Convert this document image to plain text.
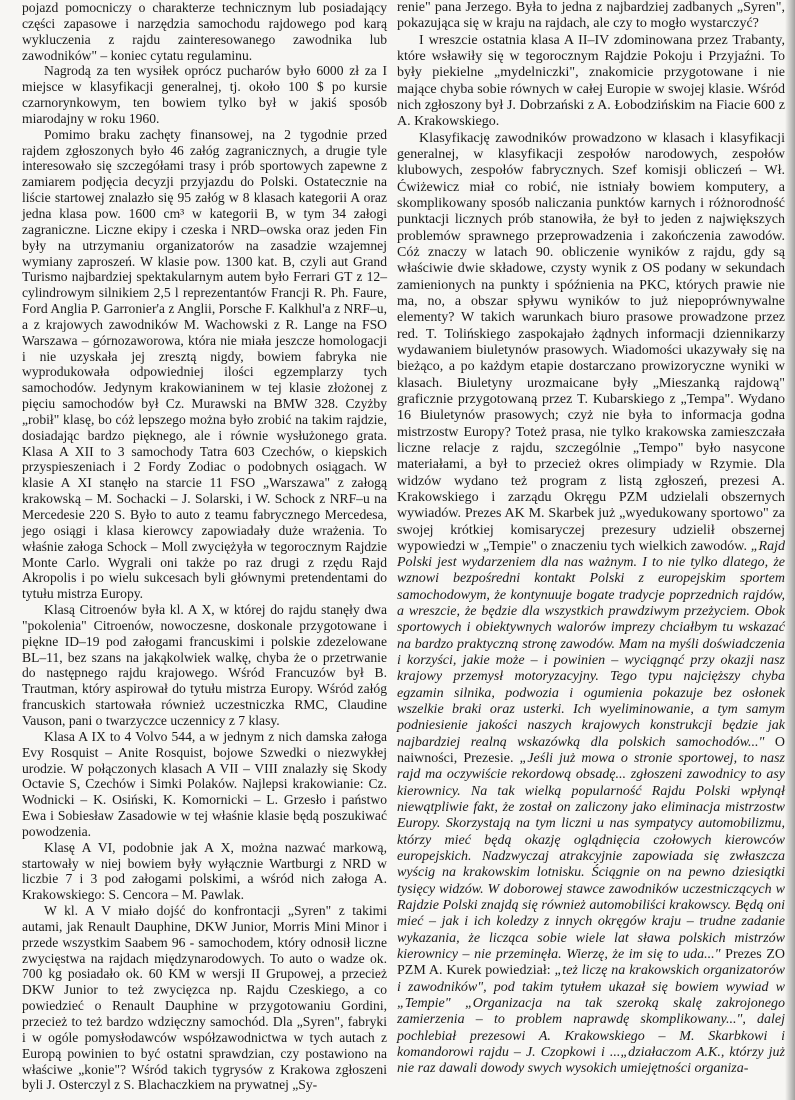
pojazd pomocniczy o charakterze technicznym lub posiadający części zapasowe i narzędzia samochodu rajdowego pod karą wykluczenia z rajdu zainteresowanego zawodnika lub zawodników" – koniec cytatu regulaminu.

Nagrodą za ten wysiłek oprócz pucharów było 6000 zł za I miejsce w klasyfikacji generalnej, tj. około 100 $ po kursie czarnorynkowym, ten bowiem tylko był w jakiś sposób miarodajny w roku 1960.

Pomimo braku zachęty finansowej, na 2 tygodnie przed rajdem zgłoszonych było 46 załóg zagranicznych, a drugie tyle interesowało się szczegółami trasy i prób sportowych zapewne z zamiarem podjęcia decyzji przyjazdu do Polski. Ostatecznie na liście startowej znalazło się 95 załóg w 8 klasach kategorii A oraz jedna klasa pow. 1600 cm³ w kategorii B, w tym 34 załogi zagraniczne. Liczne ekipy i czeska i NRD–owska oraz jeden Fin były na utrzymaniu organizatorów na zasadzie wzajemnej wymiany zaproszeń. W klasie pow. 1300 kat. B, czyli aut Grand Turismo najbardziej spektakularnym autem było Ferrari GT z 12–cylindrowym silnikiem 2,5 l reprezentantów Francji R. Ph. Faure, Ford Anglia P. Garronier'a z Anglii, Porsche F. Kalkhul'a z NRF–u, a z krajowych zawodników M. Wachowski z R. Lange na FSO Warszawa – górnozaworowa, która nie miała jeszcze homologacji i nie uzyskała jej zresztą nigdy, bowiem fabryka nie wyprodukowała odpowiedniej ilości egzemplarzy tych samochodów. Jedynym krakowianinem w tej klasie złożonej z pięciu samochodów był Cz. Murawski na BMW 328. Czyżby „robił" klasę, bo cóż lepszego można było zrobić na takim rajdzie, dosiadając bardzo pięknego, ale i równie wysłużonego grata. Klasa A XII to 3 samochody Tatra 603 Czechów, o kiepskich przyspieszeniach i 2 Fordy Zodiac o podobnych osiągach. W klasie A XI stanęło na starcie 11 FSO „Warszawa" z załogą krakowską – M. Sochacki – J. Solarski, i W. Schock z NRF–u na Mercedesie 220 S. Było to auto z teamu fabrycznego Mercedesa, jego osiągi i klasa kierowcy zapowiadały duże wrażenia. To właśnie załoga Schock – Moll zwyciężyła w tegorocznym Rajdzie Monte Carlo. Wygrali oni także po raz drugi z rzędu Rajd Akropolis i po wielu sukcesach byli głównymi pretendentami do tytułu mistrza Europy.

Klasą Citroenów była kl. A X, w której do rajdu stanęły dwa "pokolenia" Citroenów, nowoczesne, doskonale przygotowane i piękne ID–19 pod załogami francuskimi i polskie zdezelowane BL–11, bez szans na jakąkolwiek walkę, chyba że o przetrwanie do następnego rajdu krajowego. Wśród Francuzów był B. Trautman, który aspirował do tytułu mistrza Europy. Wśród załóg francuskich startowała również uczestniczka RMC, Claudine Vauson, pani o twarzyczce uczennicy z 7 klasy.

Klasa A IX to 4 Volvo 544, a w jednym z nich damska załoga Evy Rosquist – Anite Rosquist, bojowe Szwedki o niezwykłej urodzie. W połączonych klasach A VII – VIII znalazły się Skody Octavie S, Czechów i Simki Polaków. Najlepsi krakowianie: Cz. Wodnicki – K. Osiński, K. Komornicki – L. Grzesło i państwo Ewa i Sobiesław Zasadowie w tej właśnie klasie będą poszukiwać powodzenia.

Klasę A VI, podobnie jak A X, można nazwać markową, startowały w niej bowiem były wyłącznie Wartburgi z NRD w liczbie 7 i 3 pod załogami polskimi, a wśród nich załoga A. Krakowskiego: S. Cencora – M. Pawlak.

W kl. A V miało dojść do konfrontacji „Syren" z takimi autami, jak Renault Dauphine, DKW Junior, Morris Mini Minor i przede wszystkim Saabem 96 - samochodem, który odnosił liczne zwycięstwa na rajdach międzynarodowych. To auto o wadze ok. 700 kg posiadało ok. 60 KM w wersji II Grupowej, a przecież DKW Junior to też zwycięzca np. Rajdu Czeskiego, a co powiedzieć o Renault Dauphine w przygotowaniu Gordini, przecież to też bardzo wdzięczny samochód. Dla „Syren", fabryki i w ogóle pomysłodawców współzawodnictwa w tych autach z Europą powinien to być ostatni sprawdzian, czy postawiono na właściwe „konie"? Wśród takich tygrysów z Krakowa zgłoszeni byli J. Osterczyl z S. Blachaczkiem na prywatnej „Sy-

renie" pana Jerzego. Była to jedna z najbardziej zadbanych „Syren", pokazująca się w kraju na rajdach, ale czy to mogło wystarczyć?

I wreszcie ostatnia klasa A II–IV zdominowana przez Trabanty, które wsławiły się w tegorocznym Rajdzie Pokoju i Przyjaźni. To były piekielne „mydelniczki", znakomicie przygotowane i nie mające chyba sobie równych w całej Europie w swojej klasie. Wśród nich zgłoszony był J. Dobrzański z A. Łobodzińskim na Fiacie 600 z A. Krakowskiego.

Klasyfikację zawodników prowadzono w klasach i klasyfikacji generalnej, w klasyfikacji zespołów narodowych, zespołów klubowych, zespołów fabrycznych. Szef komisji obliczeń – Wł. Ćwiżewicz miał co robić, nie istniały bowiem komputery, a skomplikowany sposób naliczania punktów karnych i różnorodność punktacji licznych prób stanowiła, że był to jeden z największych problemów sprawnego przeprowadzenia i zakończenia zawodów. Cóż znaczy w latach 90. obliczenie wyników z rajdu, gdy są właściwie dwie składowe, czysty wynik z OS podany w sekundach zamienionych na punkty i spóźnienia na PKC, których prawie nie ma, no, a obszar spływu wyników to już niepoprównywalne elementy? W takich warunkach biuro prasowe prowadzone przez red. T. Tolińskiego zaspokajało żądnych informacji dziennikarzy wydawaniem biuletynów prasowych. Wiadomości ukazywały się na bieżąco, a po każdym etapie dostarczano prowizoryczne wyniki w klasach. Biuletyny urozmaicane były „Mieszanką rajdową" graficznie przygotowaną przez T. Kubarskiego z „Tempa". Wydano 16 Biuletynów prasowych; czyż nie była to informacja godna mistrzostw Europy? Toteż prasa, nie tylko krakowska zamieszczała liczne relacje z rajdu, szczególnie „Tempo" było nasycone materiałami, a był to przecież okres olimpiady w Rzymie. Dla widzów wydano też program z listą zgłoszeń, prezesi A. Krakowskiego i zarządu Okręgu PZM udzielali obszernych wywiadów. Prezes AK M. Skarbek już „wyedukowany sportowo" za swojej krótkiej komisaryczej prezesury udzielił obszernej wypowiedzi w „Tempie" o znaczeniu tych wielkich zawodów. „Rajd Polski jest wydarzeniem dla nas ważnym. I to nie tylko dlatego, że wznowi bezpośredni kontakt Polski z europejskim sportem samochodowym, że kontynuuje bogate tradycje poprzednich rajdów, a wreszcie, że będzie dla wszystkich prawdziwym przeżyciem. Obok sportowych i obiektywnych walorów imprezy chciałbym tu wskazać na bardzo praktyczną stronę zawodów. Mam na myśli doświadczenia i korzyści, jakie może – i powinien – wyciągnąć przy okazji nasz krajowy przemysł motoryzacyjny. Tego typu najcięższy chyba egzamin silnika, podwozia i ogumienia pokazuje bez osłonek wszelkie braki oraz usterki. Ich wyeliminowanie, a tym samym podniesienie jakości naszych krajowych konstrukcji będzie jak najbardziej realną wskazówką dla polskich samochodów..." O naiwności, Prezesie. „Jeśli już mowa o stronie sportowej, to nasz rajd ma oczywiście rekordową obsadę... zgłoszeni zawodnicy to asy kierownicy. Na tak wielką popularność Rajdu Polski wpłynął niewątpliwie fakt, że został on zaliczony jako eliminacja mistrzostw Europy. Skorzystają na tym liczni u nas sympatycy automobilizmu, którzy mieć będą okazję oglądnięcia czołowych kierowców europejskich. Nadzwyczaj atrakcyjnie zapowiada się zwłaszcza wyścig na krakowskim lotnisku. Ściągnie on na pewno dziesiątki tysięcy widzów. W doborowej stawce zawodników uczestniczących w Rajdzie Polski znajdą się również automobiliści krakowscy. Będą oni mieć – jak i ich koledzy z innych okręgów kraju – trudne zadanie wykazania, że licząca sobie wiele lat sława polskich mistrzów kierownicy – nie przeminęła. Wierzę, że im się to uda..." Prezes ZO PZM A. Kurek powiedział: „też liczę na krakowskich organizatorów i zawodników", pod takim tytułem ukazał się bowiem wywiad w „Tempie" „Organizacja na tak szeroką skalę zakrojonego zamierzenia – to problem naprawdę skomplikowany...", dalej pochlebiał prezesowi A. Krakowskiego – M. Skarbkowi i komandorowi rajdu – J. Czopkowi i ...„działaczom A.K., którzy już nie raz dawali dowody swych wysokich umiejętności organiza-
